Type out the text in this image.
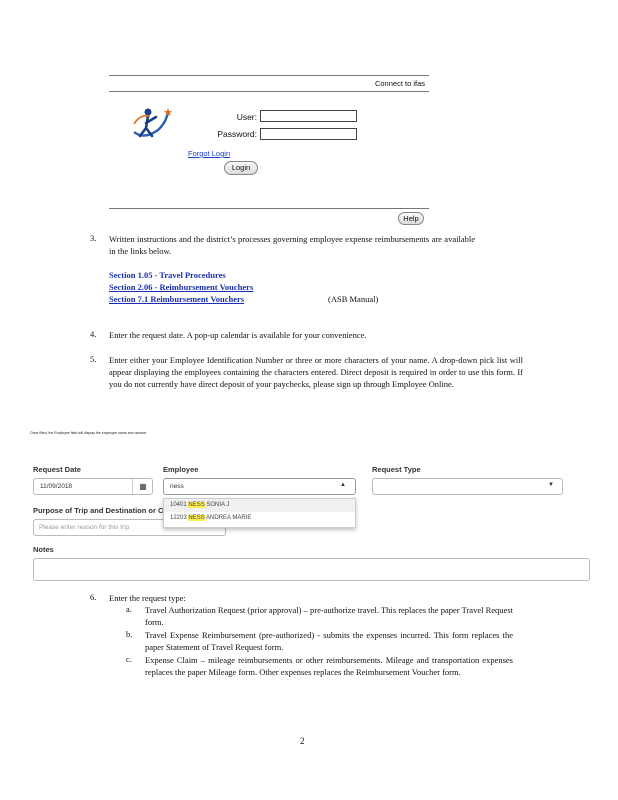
Connect to ifas
User:
Password:
Forgot Login
Login
Help
3. Written instructions and the district’s processes governing employee expense reimbursements are available in the links below.
Section 1.05 - Travel Procedures
Section 2.06 - Reimbursement Vouchers
Section 7.1 Reimbursement Vouchers	(ASB Manual)
4. Enter the request date. A pop-up calendar is available for your convenience.
5. Enter either your Employee Identification Number or three or more characters of your name. A drop-down pick list will appear displaying the employees containing the characters entered. Direct deposit is required in order to use this form. If you do not currently have direct deposit of your paychecks, please sign up through Employee Online.
Once filled, the Employee field will display the employee name and number.
Request Date
11/09/2018	▦
Employee
ness	▲
Request Type
▼
Purpose of Trip and Destination or C
Please enter reason for this trip
10401 NESS SONIA J
12203 NESS ANDREA MARIE
Notes
6. Enter the request type:
a. Travel Authorization Request (prior approval) – pre-authorize travel. This replaces the paper Travel Request form.
b. Travel Expense Reimbursement (pre-authorized) - submits the expenses incurred. This form replaces the paper Statement of Travel Request form.
c. Expense Claim – mileage reimbursements or other reimbursements. Mileage and transportation expenses replaces the paper Mileage form. Other expenses replaces the Reimbursement Voucher form.
2
